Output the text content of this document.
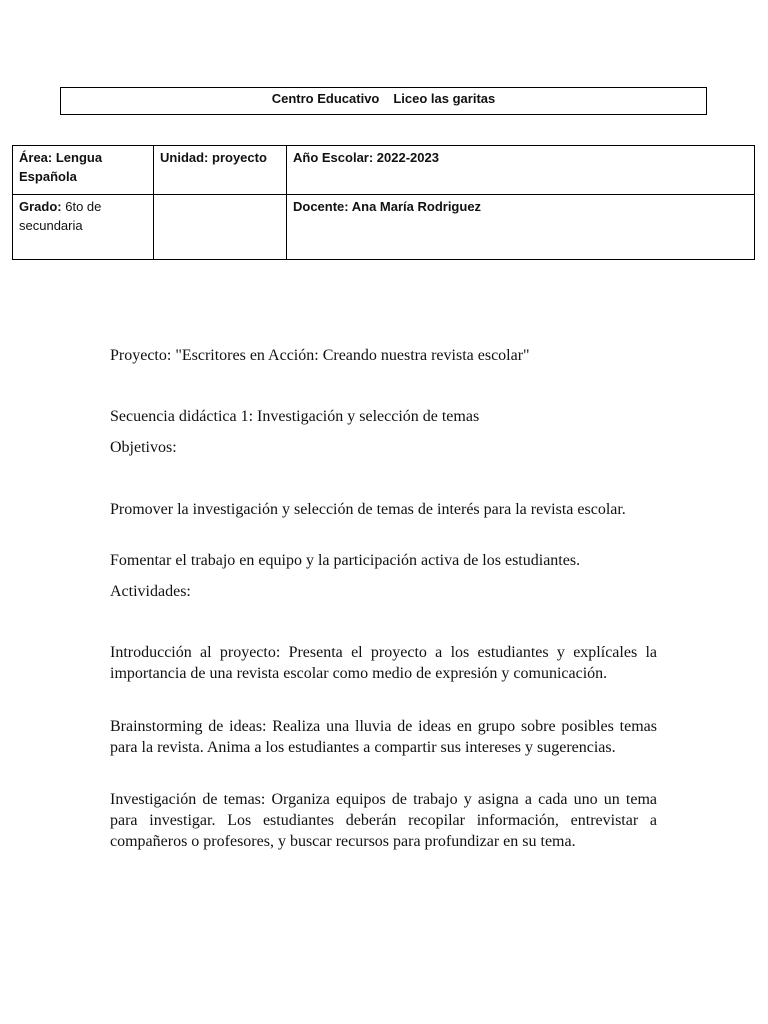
Centro Educativo Liceo las garitas
Área: Lengua Española	Unidad: proyecto	Año Escolar: 2022-2023
Grado: 6to de secundaria		Docente: Ana María Rodriguez
Proyecto: "Escritores en Acción: Creando nuestra revista escolar"
Secuencia didáctica 1: Investigación y selección de temas
Objetivos:
Promover la investigación y selección de temas de interés para la revista escolar.
Fomentar el trabajo en equipo y la participación activa de los estudiantes.
Actividades:
Introducción al proyecto: Presenta el proyecto a los estudiantes y explícales la importancia de una revista escolar como medio de expresión y comunicación.
Brainstorming de ideas: Realiza una lluvia de ideas en grupo sobre posibles temas para la revista. Anima a los estudiantes a compartir sus intereses y sugerencias.
Investigación de temas: Organiza equipos de trabajo y asigna a cada uno un tema para investigar. Los estudiantes deberán recopilar información, entrevistar a compañeros o profesores, y buscar recursos para profundizar en su tema.
